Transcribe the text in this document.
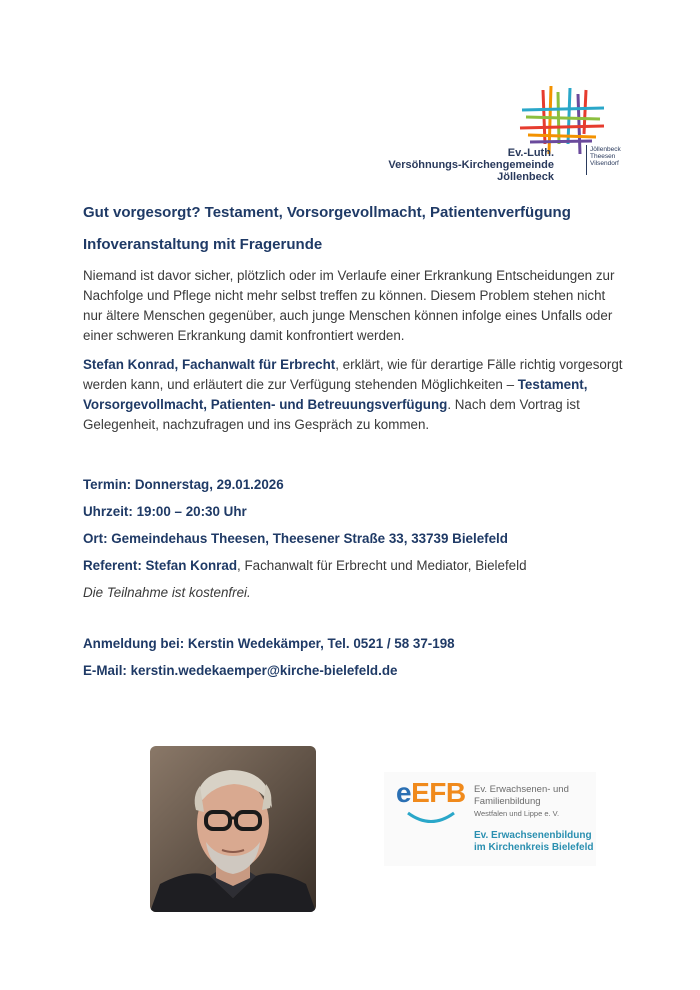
Ev.-Luth.
Versöhnungs-Kirchengemeinde
Jöllenbeck
Jöllenbeck
Theesen
Vilsendorf
Gut vorgesorgt? Testament, Vorsorgevollmacht, Patientenverfügung
Infoveranstaltung mit Fragerunde

Niemand ist davor sicher, plötzlich oder im Verlaufe einer Erkrankung Entscheidungen zur Nachfolge und Pflege nicht mehr selbst treffen zu können. Diesem Problem stehen nicht nur ältere Menschen gegenüber, auch junge Menschen können infolge eines Unfalls oder einer schweren Erkrankung damit konfrontiert werden.

Stefan Konrad, Fachanwalt für Erbrecht, erklärt, wie für derartige Fälle richtig vorgesorgt werden kann, und erläutert die zur Verfügung stehenden Möglichkeiten – Testament, Vorsorgevollmacht, Patienten- und Betreuungsverfügung. Nach dem Vortrag ist Gelegenheit, nachzufragen und ins Gespräch zu kommen.

Termin: Donnerstag, 29.01.2026

Uhrzeit: 19:00 – 20:30 Uhr

Ort: Gemeindehaus Theesen, Theesener Straße 33, 33739 Bielefeld

Referent: Stefan Konrad, Fachanwalt für Erbrecht und Mediator, Bielefeld

Die Teilnahme ist kostenfrei.

Anmeldung bei: Kerstin Wedekämper, Tel. 0521 / 58 37-198

E-Mail: kerstin.wedekaemper@kirche-bielefeld.de

eEFB Ev. Erwachsenen- und
Familienbildung
Westfalen und Lippe e. V.
Ev. Erwachsenenbildung
im Kirchenkreis Bielefeld
